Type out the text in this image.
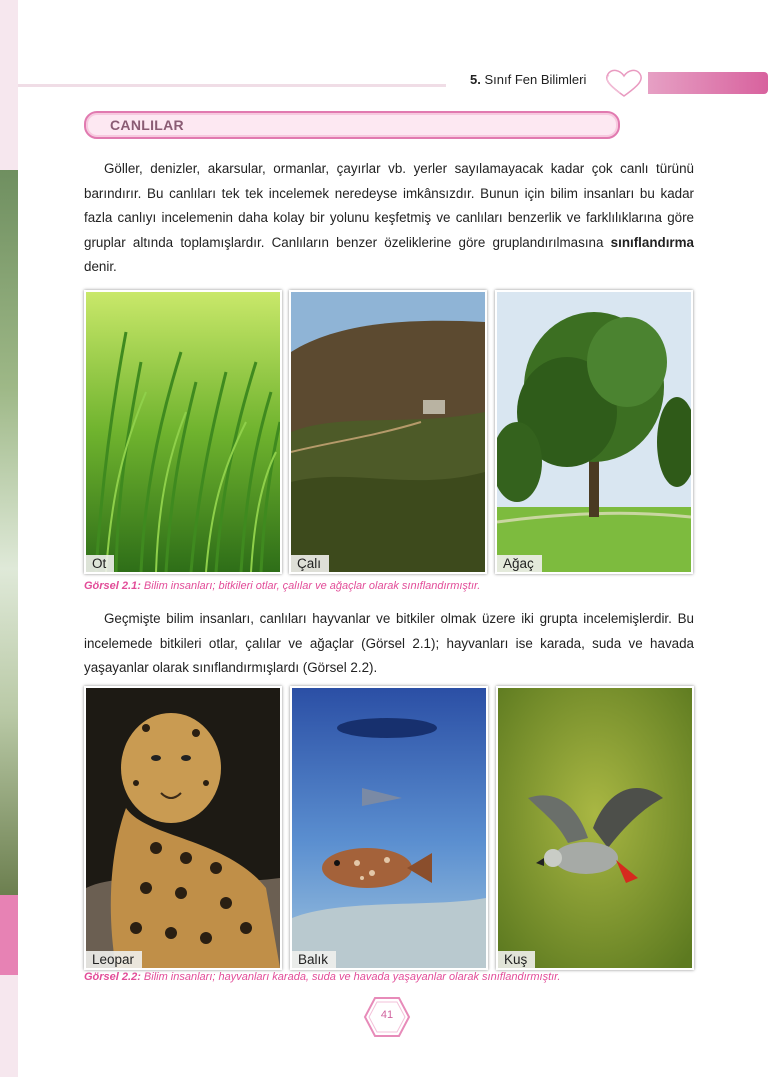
5. Sınıf Fen Bilimleri
CANLILAR
Göller, denizler, akarsular, ormanlar, çayırlar vb. yerler sayılamayacak kadar çok canlı türünü barındırır. Bu canlıları tek tek incelemek neredeyse imkânsızdır. Bunun için bilim insanları bu kadar fazla canlıyı incelemenin daha kolay bir yolunu keşfetmiş ve canlıları benzerlik ve farklılıklarına göre gruplar altında toplamışlardır. Canlıların benzer özeliklerine göre gruplandırılmasına sınıflandırma denir.
Ot	Çalı	Ağaç
Görsel 2.1: Bilim insanları; bitkileri otlar, çalılar ve ağaçlar olarak sınıflandırmıştır.
Geçmişte bilim insanları, canlıları hayvanlar ve bitkiler olmak üzere iki grupta incelemişlerdir. Bu incelemede bitkileri otlar, çalılar ve ağaçlar (Görsel 2.1); hayvanları ise karada, suda ve havada yaşayanlar olarak sınıflandırmışlardı (Görsel 2.2).
Leopar	Balık	Kuş
Görsel 2.2: Bilim insanları; hayvanları karada, suda ve havada yaşayanlar olarak sınıflandırmıştır.
41
